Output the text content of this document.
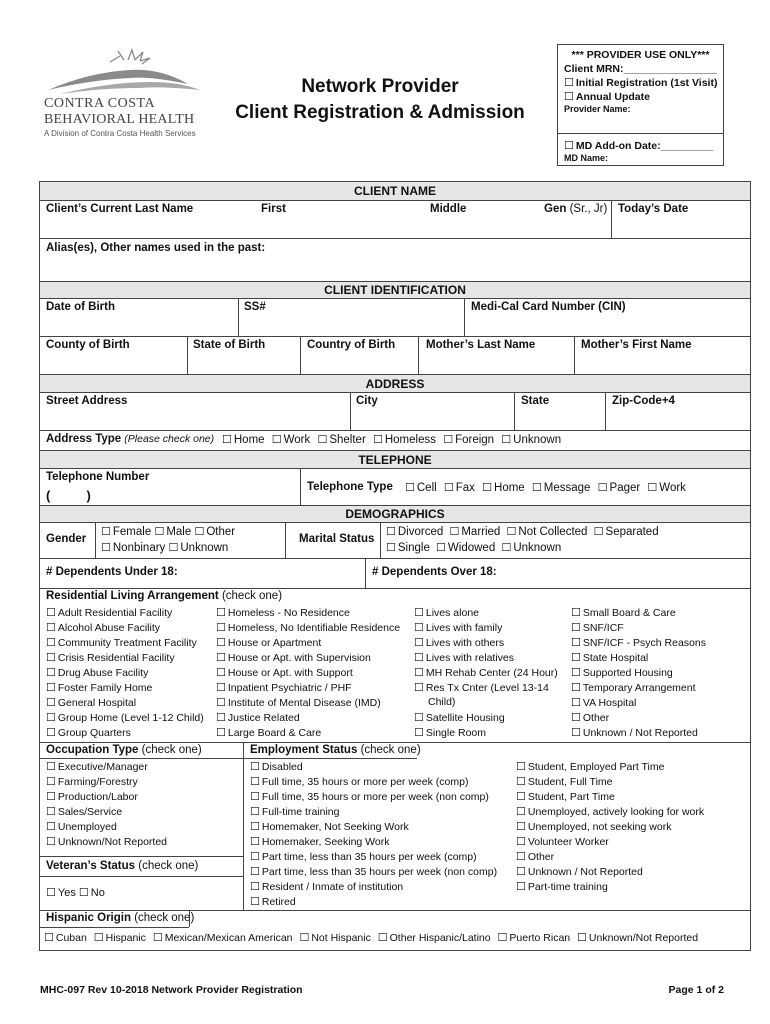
CONTRA COSTA
BEHAVIORAL HEALTH
A Division of Contra Costa Health Services
Network Provider
Client Registration & Admission
*** PROVIDER USE ONLY***
Client MRN:________________
☐ Initial Registration (1st Visit)
☐ Annual Update
Provider Name:
☐ MD Add-on Date:_________
MD Name:
CLIENT NAME
Client’s Current Last Name	First	Middle	Gen (Sr., Jr) Today’s Date
Alias(es), Other names used in the past:
CLIENT IDENTIFICATION
Date of Birth	SS#	Medi-Cal Card Number (CIN)
County of Birth	State of Birth	Country of Birth	Mother’s Last Name	Mother’s First Name
ADDRESS
Street Address	City	State	Zip-Code+4
Address Type (Please check one)	☐ Home ☐ Work ☐ Shelter ☐ Homeless ☐ Foreign ☐ Unknown
TELEPHONE
Telephone Number
(          )
Telephone Type	☐ Cell ☐ Fax ☐ Home ☐ Message ☐ Pager ☐ Work
DEMOGRAPHICS
Gender
☐ Female ☐ Male ☐ Other
☐ Nonbinary ☐ Unknown
Marital Status
☐ Divorced ☐ Married ☐ Not Collected ☐ Separated
☐ Single ☐ Widowed ☐ Unknown
# Dependents Under 18:	# Dependents Over 18:
Residential Living Arrangement (check one)
☐ Adult Residential Facility
☐ Alcohol Abuse Facility
☐ Community Treatment Facility
☐ Crisis Residential Facility
☐ Drug Abuse Facility
☐ Foster Family Home
☐ General Hospital
☐ Group Home (Level 1-12 Child)
☐ Group Quarters
☐ Homeless - No Residence
☐ Homeless, No Identifiable Residence
☐ House or Apartment
☐ House or Apt. with Supervision
☐ House or Apt. with Support
☐ Inpatient Psychiatric / PHF
☐ Institute of Mental Disease (IMD)
☐ Justice Related
☐ Large Board & Care
☐ Lives alone
☐ Lives with family
☐ Lives with others
☐ Lives with relatives
☐ MH Rehab Center (24 Hour)
☐ Res Tx Cnter (Level 13-14
Child)
☐ Satellite Housing
☐ Single Room
☐ Small Board & Care
☐ SNF/ICF
☐ SNF/ICF - Psych Reasons
☐ State Hospital
☐ Supported Housing
☐ Temporary Arrangement
☐ VA Hospital
☐ Other
☐ Unknown / Not Reported
Occupation Type (check one)
☐ Executive/Manager
☐ Farming/Forestry
☐ Production/Labor
☐ Sales/Service
☐ Unemployed
☐ Unknown/Not Reported
Veteran’s Status (check one)
☐ Yes ☐ No
Employment Status (check one)
☐ Disabled
☐ Full time, 35 hours or more per week (comp)
☐ Full time, 35 hours or more per week (non comp)
☐ Full-time training
☐ Homemaker, Not Seeking Work
☐ Homemaker, Seeking Work
☐ Part time, less than 35 hours per week (comp)
☐ Part time, less than 35 hours per week (non comp)
☐ Resident / Inmate of institution
☐ Retired
☐ Student, Employed Part Time
☐ Student, Full Time
☐ Student, Part Time
☐ Unemployed, actively looking for work
☐ Unemployed, not seeking work
☐ Volunteer Worker
☐ Other
☐ Unknown / Not Reported
☐ Part-time training
Hispanic Origin (check one)
☐ Cuban ☐ Hispanic ☐ Mexican/Mexican American ☐ Not Hispanic ☐ Other Hispanic/Latino ☐ Puerto Rican ☐ Unknown/Not Reported
MHC-097 Rev 10-2018 Network Provider Registration	Page 1 of 2
